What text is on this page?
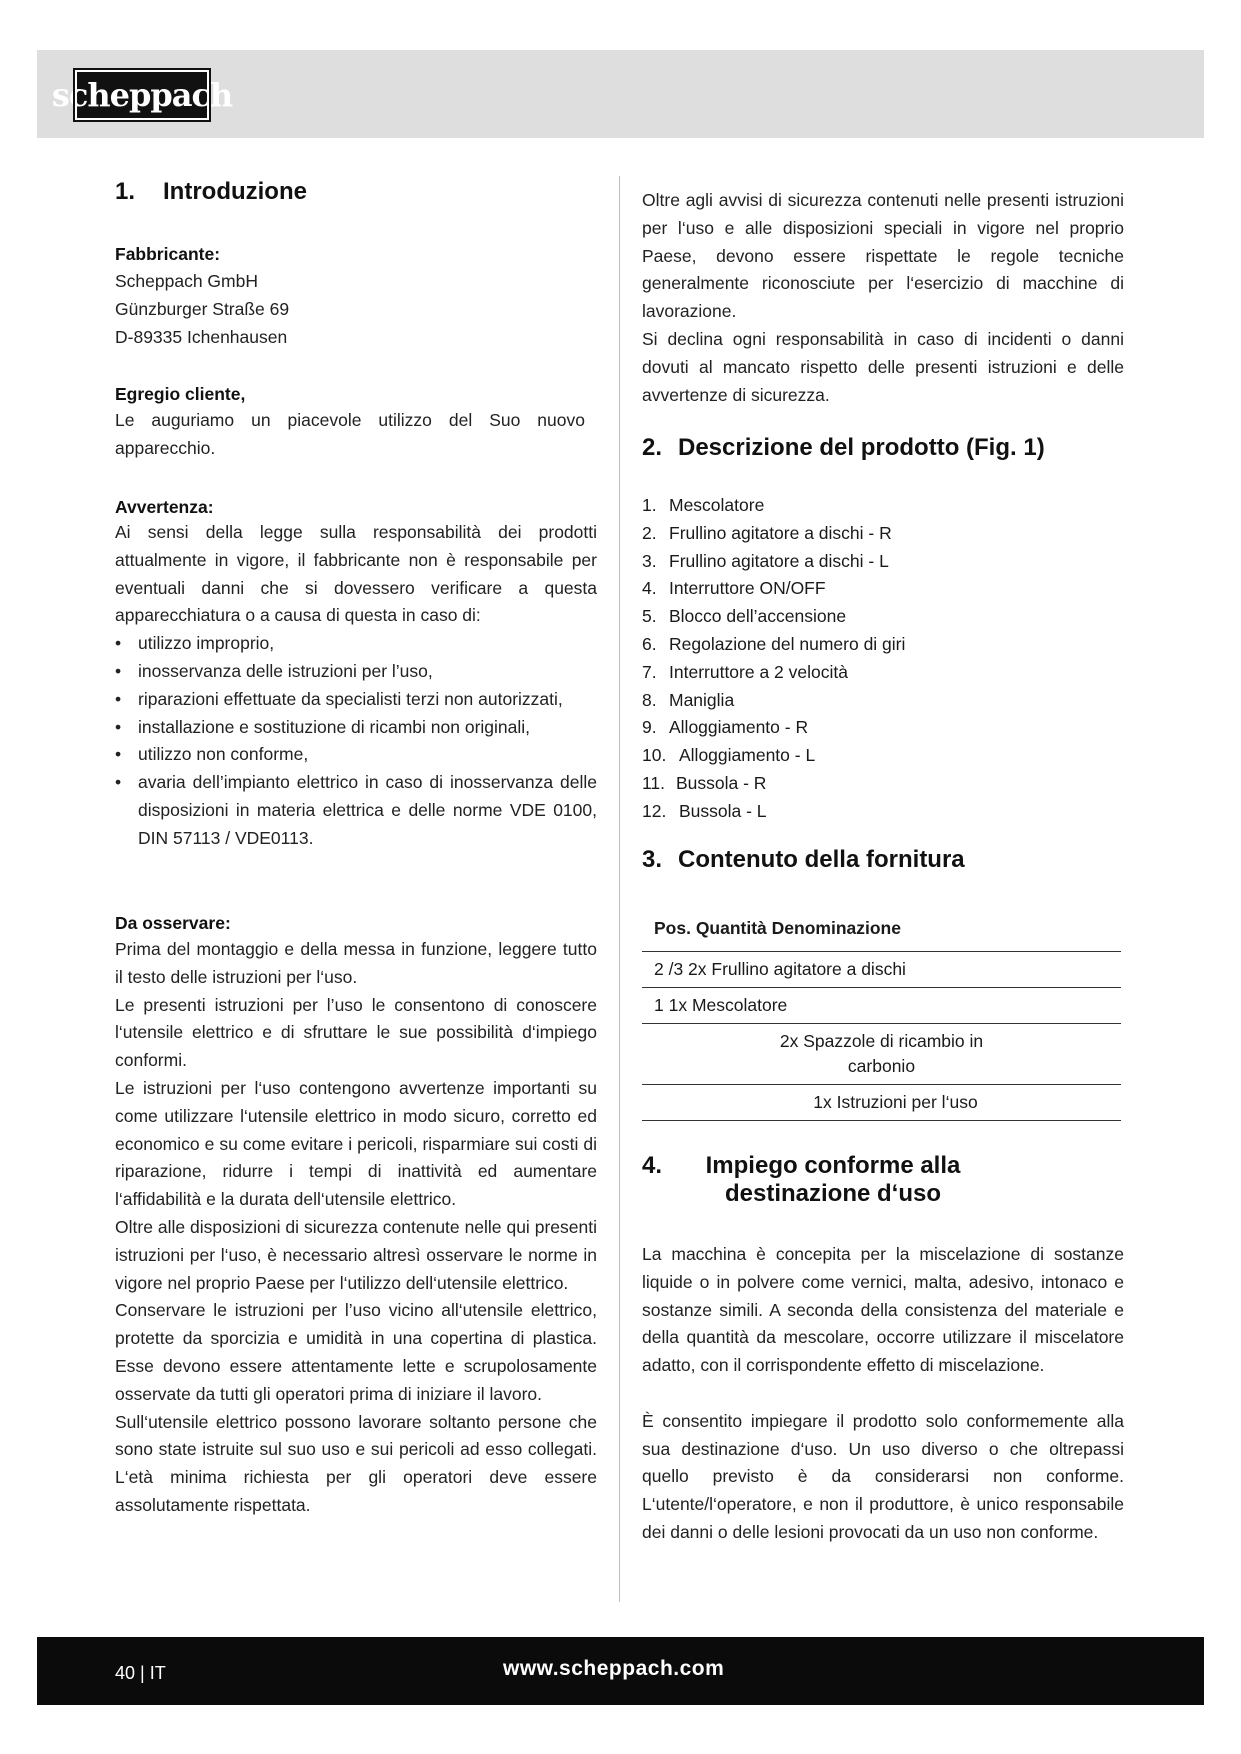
scheppach
1. Introduzione
Fabbricante:

Scheppach GmbH

Günzburger Straße 69

D-89335 Ichenhausen

Egregio cliente,
Le auguriamo un piacevole utilizzo del Suo nuovo apparecchio.
Avvertenza:

Ai sensi della legge sulla responsabilità dei prodotti attualmente in vigore, il fabbricante non è responsabile per eventuali danni che si dovessero verificare a questa apparecchiatura o a causa di questa in caso di:

• utilizzo improprio,
• inosservanza delle istruzioni per l’uso,
• riparazioni effettuate da specialisti terzi non autorizzati,
• installazione e sostituzione di ricambi non originali,
• utilizzo non conforme,
• avaria dell’impianto elettrico in caso di inosservanza delle disposizioni in materia elettrica e delle norme VDE 0100, DIN 57113 / VDE0113.
Da osservare:

Prima del montaggio e della messa in funzione, leggere tutto il testo delle istruzioni per l‘uso.

Le presenti istruzioni per l’uso le consentono di conoscere l‘utensile elettrico e di sfruttare le sue possibilità d‘impiego conformi.

Le istruzioni per l‘uso contengono avvertenze importanti su come utilizzare l‘utensile elettrico in modo sicuro, corretto ed economico e su come evitare i pericoli, risparmiare sui costi di riparazione, ridurre i tempi di inattività ed aumentare l‘affidabilità e la durata dell‘utensile elettrico.

Oltre alle disposizioni di sicurezza contenute nelle qui presenti istruzioni per l‘uso, è necessario altresì osservare le norme in vigore nel proprio Paese per l‘utilizzo dell‘utensile elettrico.

Conservare le istruzioni per l’uso vicino all‘utensile elettrico, protette da sporcizia e umidità in una copertina di plastica. Esse devono essere attentamente lette e scrupolosamente osservate da tutti gli operatori prima di iniziare il lavoro.

Sull‘utensile elettrico possono lavorare soltanto persone che sono state istruite sul suo uso e sui pericoli ad esso collegati. L‘età minima richiesta per gli operatori deve essere assolutamente rispettata.

Oltre agli avvisi di sicurezza contenuti nelle presenti istruzioni per l‘uso e alle disposizioni speciali in vigore nel proprio Paese, devono essere rispettate le regole tecniche generalmente riconosciute per l‘esercizio di macchine di lavorazione.

Si declina ogni responsabilità in caso di incidenti o danni dovuti al mancato rispetto delle presenti istruzioni e delle avvertenze di sicurezza.

2. Descrizione del prodotto (Fig. 1)
1. Mescolatore
2. Frullino agitatore a dischi - R
3. Frullino agitatore a dischi - L
4. Interruttore ON/OFF
5. Blocco dell’accensione
6. Regolazione del numero di giri
7. Interruttore a 2 velocità
8. Maniglia
9. Alloggiamento - R
10. Alloggiamento - L
11. Bussola - R
12. Bussola - L
3. Contenuto della fornitura
Pos. Quantità Denominazione
2 /3 2x Frullino agitatore a dischi
1 1x Mescolatore
2x Spazzole di ricambio in carbonio
1x Istruzioni per l‘uso
4. Impiego conforme alla destinazione d‘uso

La macchina è concepita per la miscelazione di sostanze liquide o in polvere come vernici, malta, adesivo, intonaco e sostanze simili. A seconda della consistenza del materiale e della quantità da mescolare, occorre utilizzare il miscelatore adatto, con il corrispondente effetto di miscelazione.

È consentito impiegare il prodotto solo conformemente alla sua destinazione d‘uso. Un uso diverso o che oltrepassi quello previsto è da considerarsi non conforme. L‘utente/l‘operatore, e non il produttore, è unico responsabile dei danni o delle lesioni provocati da un uso non conforme.

40 | IT	www.scheppach.com
